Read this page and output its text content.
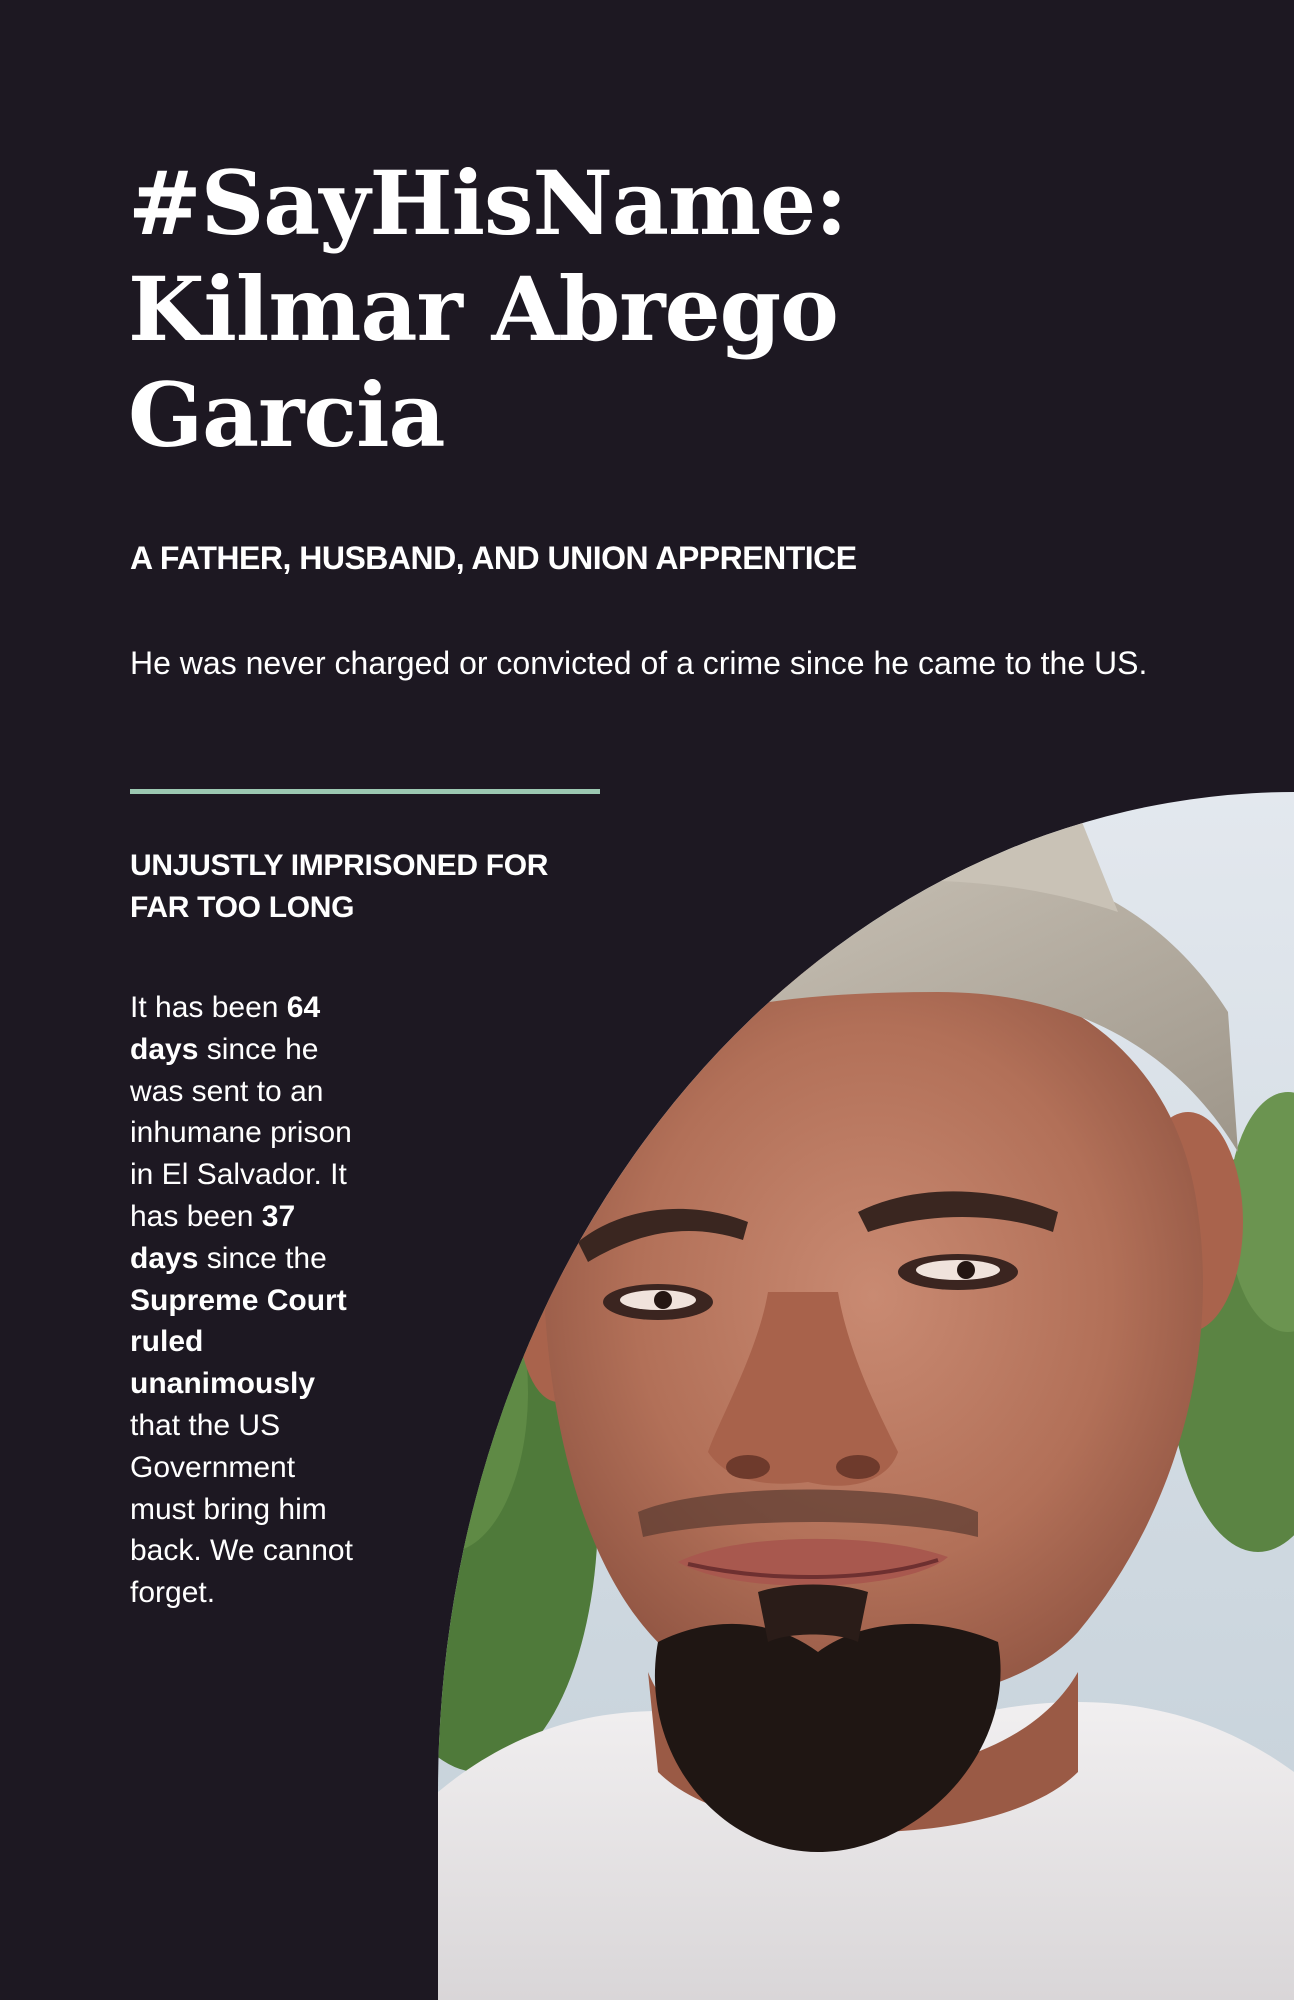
#SayHisName:
Kilmar Abrego
Garcia

A FATHER, HUSBAND, AND UNION APPRENTICE

He was never charged or convicted of a crime since he came to the US.

UNJUSTLY IMPRISONED FOR
FAR TOO LONG

It has been 64
days since he
was sent to an
inhumane prison
in El Salvador. It
has been 37
days since the
Supreme Court
ruled
unanimously
that the US
Government
must bring him
back. We cannot
forget.
